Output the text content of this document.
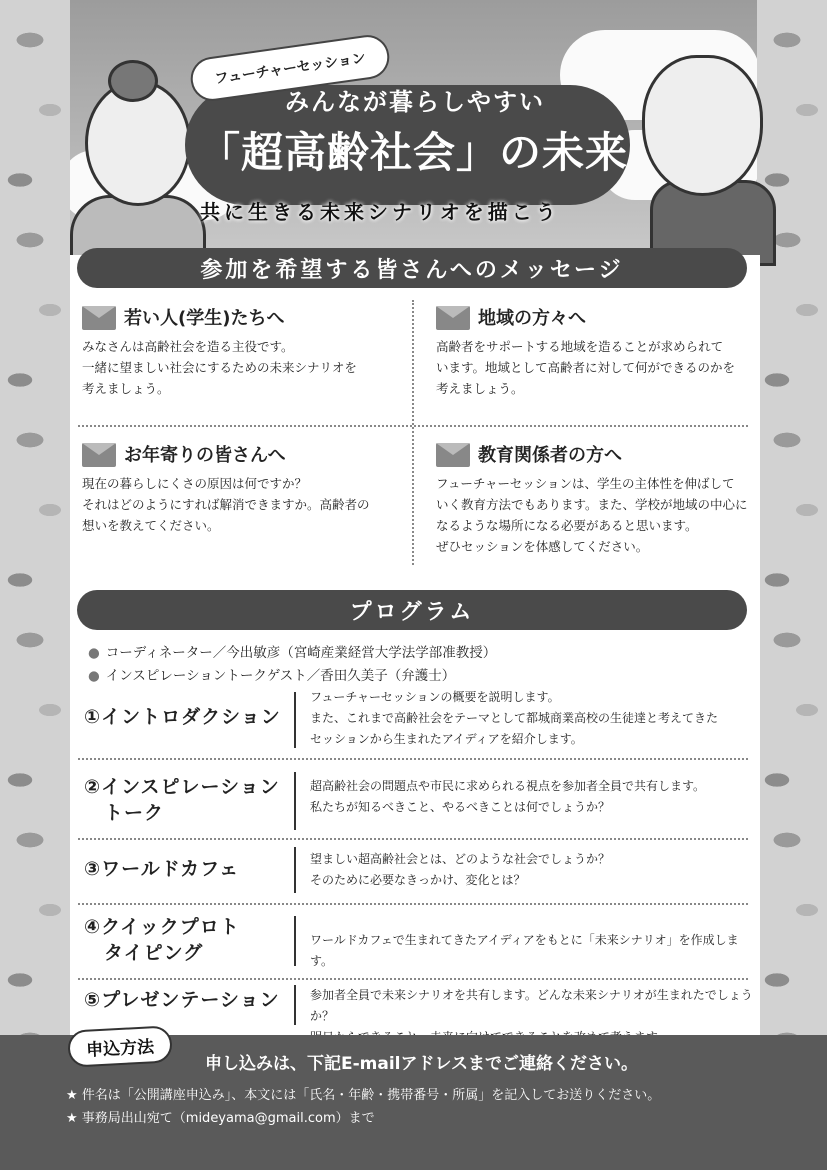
フューチャーセッション
みんなが暮らしやすい
「超高齢社会」の未来
共に生きる未来シナリオを描こう
参加を希望する皆さんへのメッセージ
若い人(学生)たちへ
みなさんは高齢社会を造る主役です。
一緒に望ましい社会にするための未来シナリオを
考えましょう。
地域の方々へ
高齢者をサポートする地域を造ることが求められて
います。地域として高齢者に対して何ができるのかを
考えましょう。
お年寄りの皆さんへ
現在の暮らしにくさの原因は何ですか？
それはどのようにすれば解消できますか。高齢者の
想いを教えてください。
教育関係者の方へ
フューチャーセッションは、学生の主体性を伸ばして
いく教育方法でもあります。また、学校が地域の中心に
なるような場所になる必要があると思います。
ぜひセッションを体感してください。
プログラム
● コーディネーター／今出敏彦（宮崎産業経営大学法学部准教授）
● インスピレーショントークゲスト／香田久美子（弁護士）
①イントロダクション
フューチャーセッションの概要を説明します。
また、これまで高齢社会をテーマとして都城商業高校の生徒達と考えてきた
セッションから生まれたアイディアを紹介します。
②インスピレーション
トーク
超高齢社会の問題点や市民に求められる視点を参加者全員で共有します。
私たちが知るべきこと、やるべきことは何でしょうか？
③ワールドカフェ	望ましい超高齢社会とは、どのような社会でしょうか？
そのために必要なきっかけ、変化とは？
④クイックプロト
タイピング
ワールドカフェで生まれてきたアイディアをもとに「未来シナリオ」を作成します。
⑤プレゼンテーション	参加者全員で未来シナリオを共有します。どんな未来シナリオが生まれたでしょうか？
申込方法
申し込みは、下記E-mailアドレスまでご連絡ください。
★ 件名は「公開講座申込み」、本文には「氏名・年齢・携帯番号・所属」を記入してお送りください。
★ 事務局出山宛て（mideyama@gmail.com）まで
